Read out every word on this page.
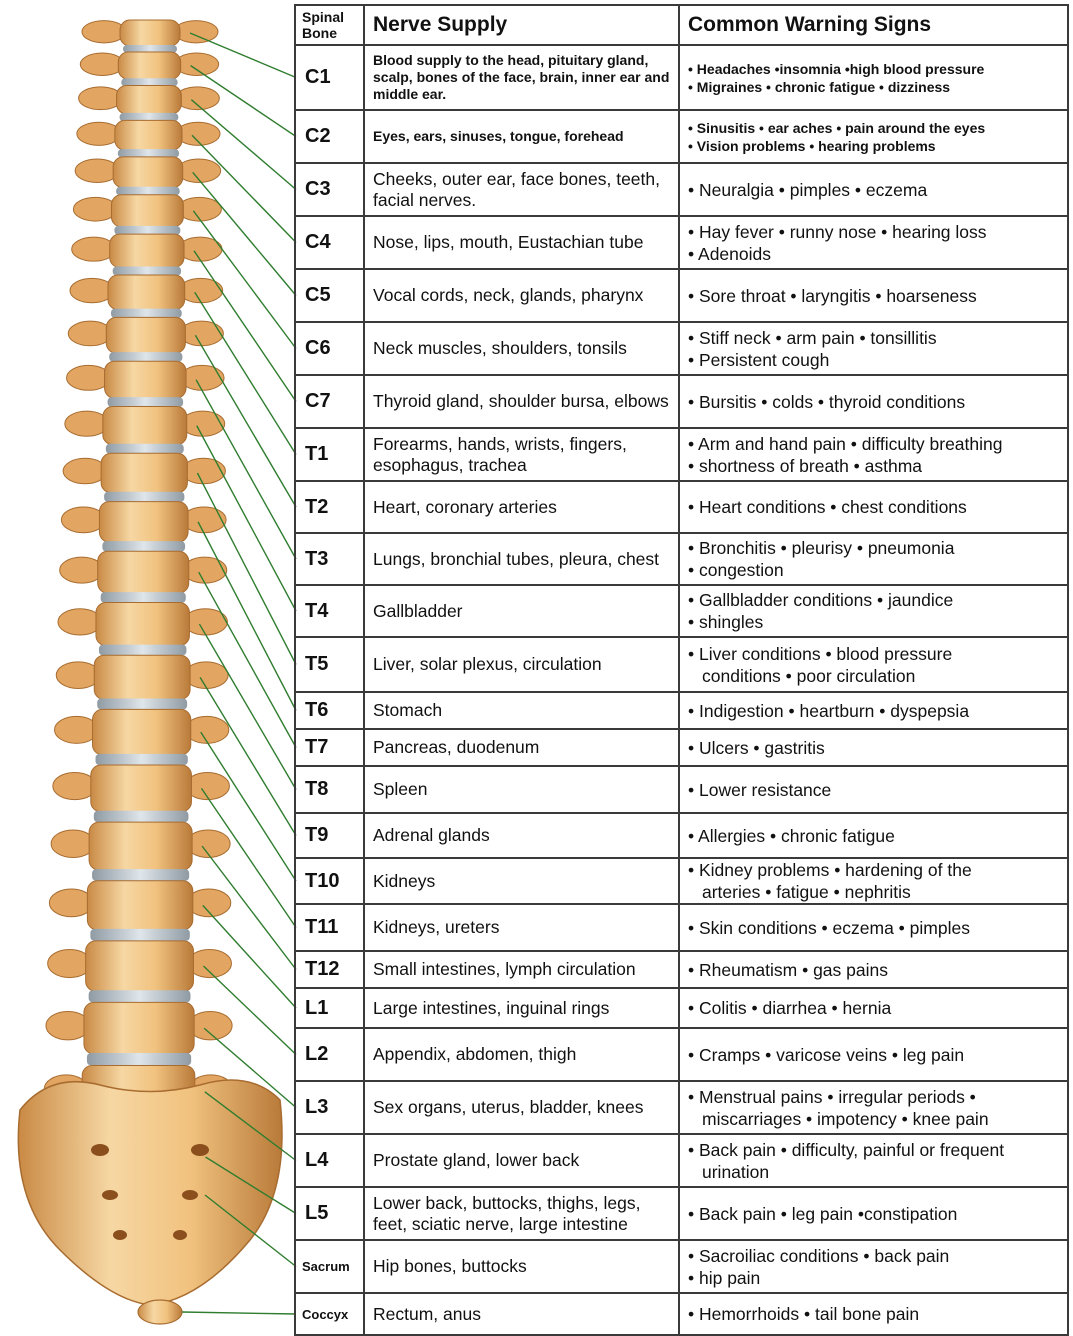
Spinal Bone	Nerve Supply	Common Warning Signs
C1	Blood supply to the head, pituitary gland, scalp, bones of the face, brain, inner ear and middle ear.	• Headaches •insomnia •high blood pressure
• Migraines • chronic fatigue • dizziness

C2	Eyes, ears, sinuses, tongue, forehead	• Sinusitis • ear aches • pain around the eyes
• Vision problems • hearing problems

C3	Cheeks, outer ear, face bones, teeth, facial nerves.	• Neuralgia • pimples • eczema

C4	Nose, lips, mouth, Eustachian tube	• Hay fever • runny nose • hearing loss
• Adenoids

C5	Vocal cords, neck, glands, pharynx	• Sore throat • laryngitis • hoarseness

C6	Neck muscles, shoulders, tonsils	• Stiff neck • arm pain • tonsillitis
• Persistent cough

C7	Thyroid gland, shoulder bursa, elbows	• Bursitis • colds • thyroid conditions

T1	Forearms, hands, wrists, fingers, esophagus, trachea	• Arm and hand pain • difficulty breathing
• shortness of breath • asthma

T2	Heart, coronary arteries	• Heart conditions • chest conditions

T3	Lungs, bronchial tubes, pleura, chest	• Bronchitis • pleurisy • pneumonia
• congestion

T4	Gallbladder	• Gallbladder conditions • jaundice
• shingles

T5	Liver, solar plexus, circulation	• Liver conditions • blood pressure
conditions • poor circulation

T6	Stomach	• Indigestion • heartburn • dyspepsia

T7	Pancreas, duodenum	• Ulcers • gastritis

T8	Spleen	• Lower resistance

T9	Adrenal glands	• Allergies • chronic fatigue

T10	Kidneys	• Kidney problems • hardening of the
arteries • fatigue • nephritis

T11	Kidneys, ureters	• Skin conditions • eczema • pimples

T12	Small intestines, lymph circulation	• Rheumatism • gas pains

L1	Large intestines, inguinal rings	• Colitis • diarrhea • hernia

L2	Appendix, abdomen, thigh	• Cramps • varicose veins • leg pain

L3	Sex organs, uterus, bladder, knees	• Menstrual pains • irregular periods •
miscarriages • impotency • knee pain

L4	Prostate gland, lower back	• Back pain • difficulty, painful or frequent
urination

L5	Lower back, buttocks, thighs, legs, feet, sciatic nerve, large intestine	• Back pain • leg pain •constipation

Sacrum	Hip bones, buttocks	• Sacroiliac conditions • back pain
• hip pain

Coccyx	Rectum, anus	• Hemorrhoids • tail bone pain
